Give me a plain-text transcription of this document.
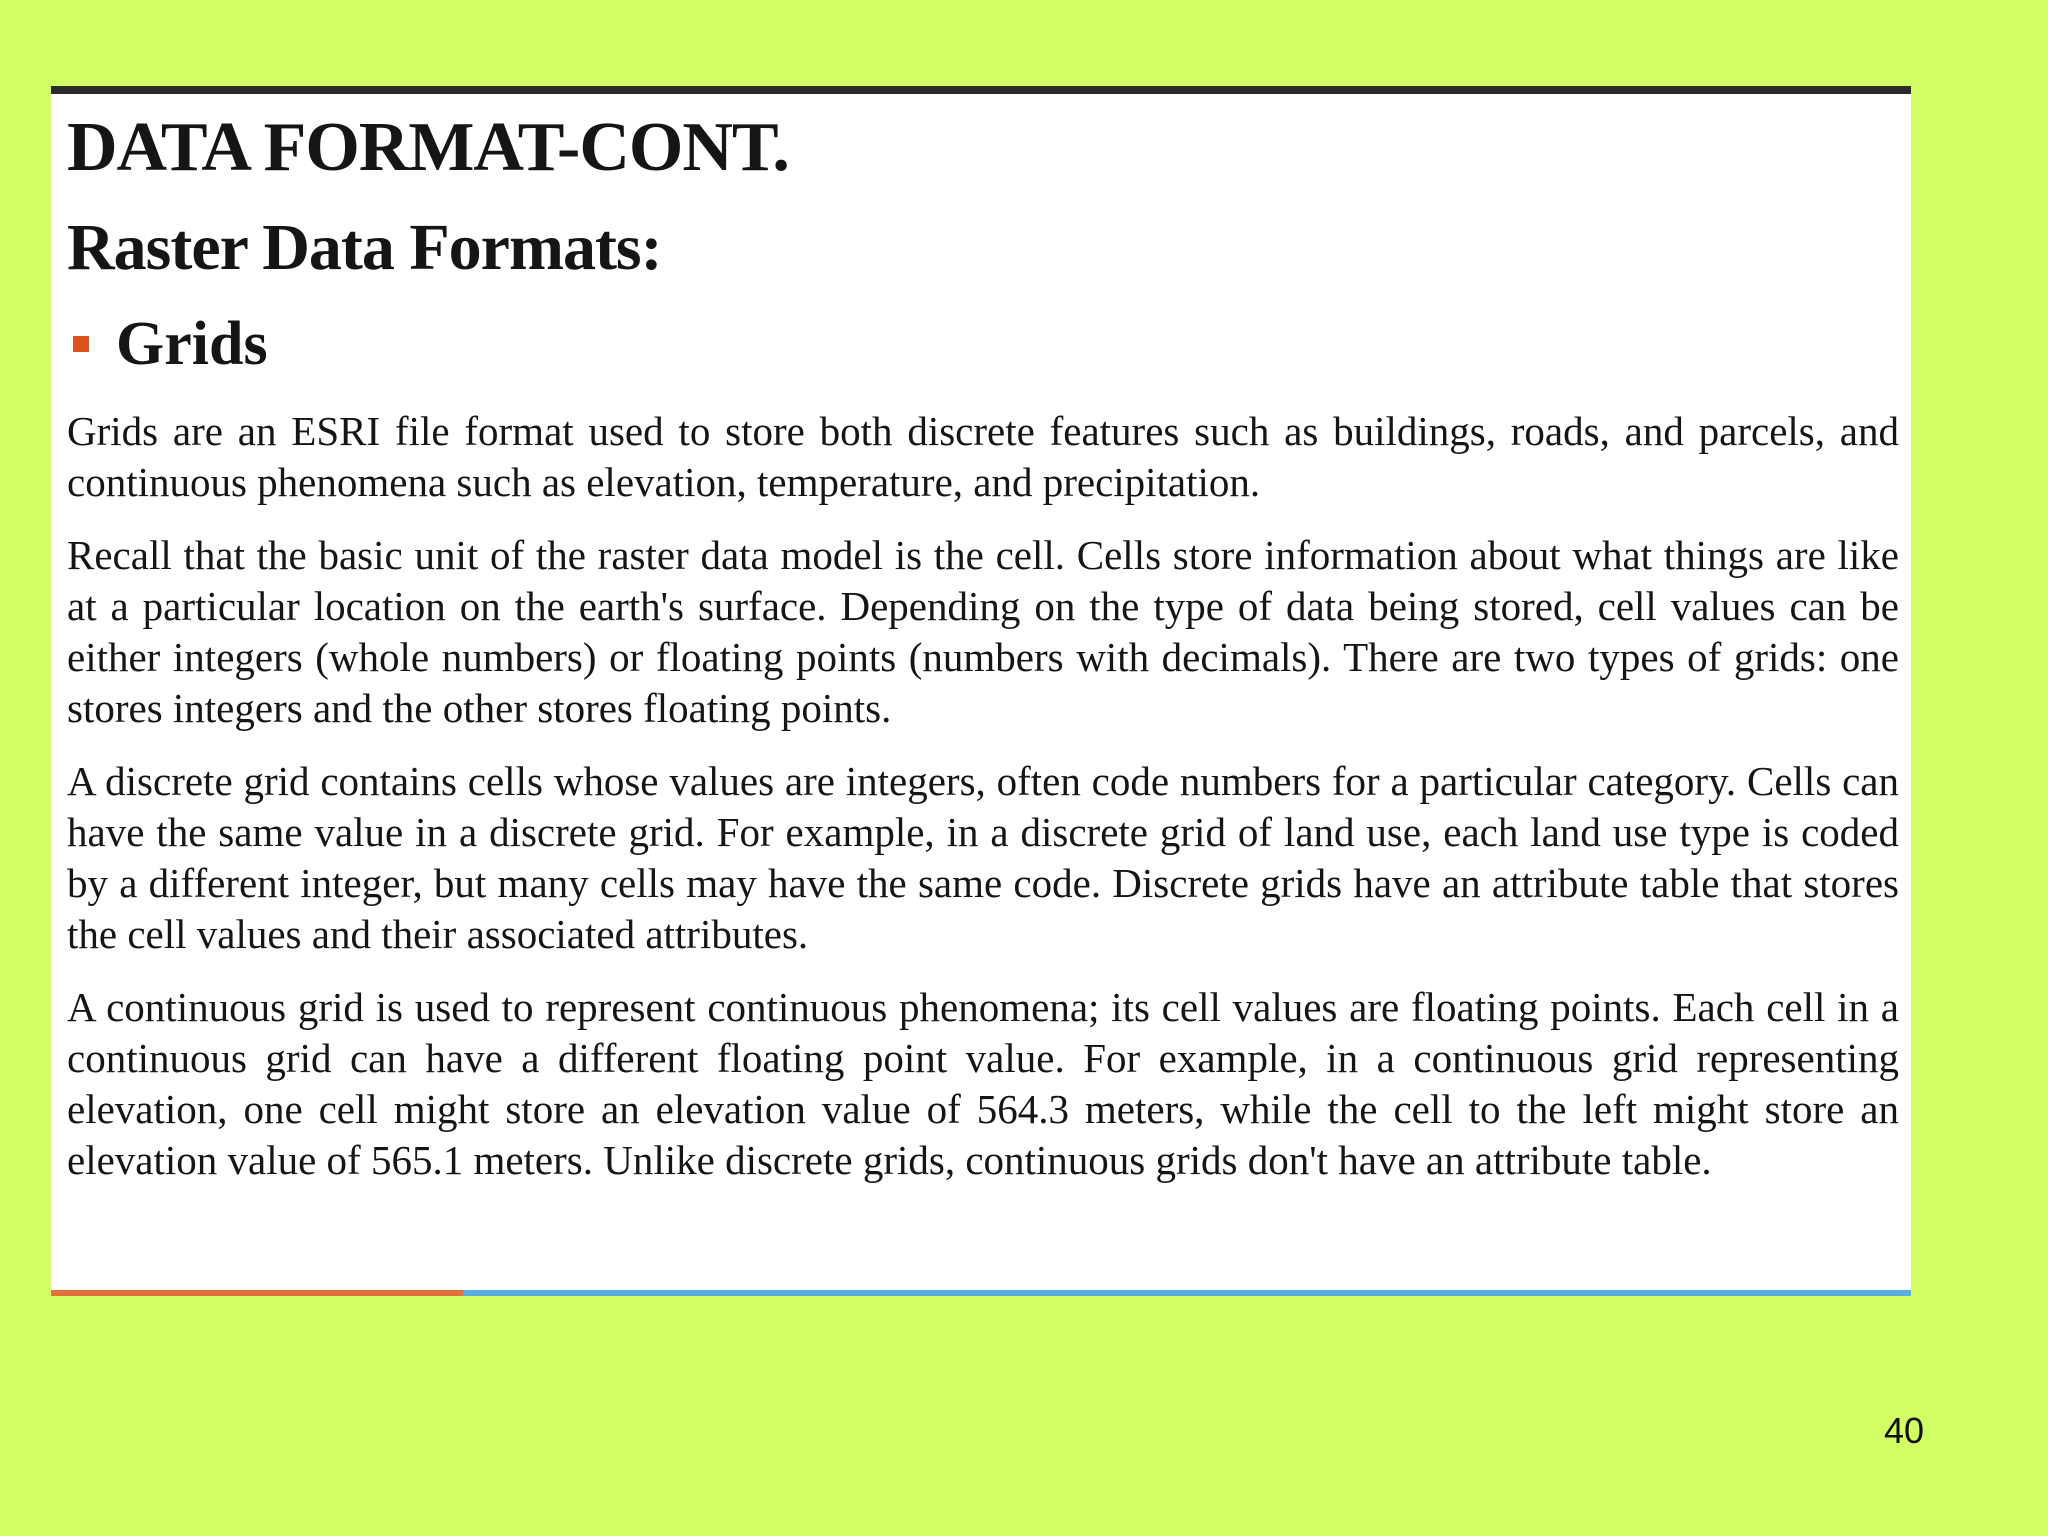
DATA FORMAT-CONT.
Raster Data Formats:
Grids

Grids are an ESRI file format used to store both discrete features such as buildings, roads, and parcels, and continuous phenomena such as elevation, temperature, and precipitation.

Recall that the basic unit of the raster data model is the cell. Cells store information about what things are like at a particular location on the earth's surface. Depending on the type of data being stored, cell values can be either integers (whole numbers) or floating points (numbers with decimals). There are two types of grids: one stores integers and the other stores floating points.

A discrete grid contains cells whose values are integers, often code numbers for a particular category. Cells can have the same value in a discrete grid. For example, in a discrete grid of land use, each land use type is coded by a different integer, but many cells may have the same code. Discrete grids have an attribute table that stores the cell values and their associated attributes.

A continuous grid is used to represent continuous phenomena; its cell values are floating points. Each cell in a continuous grid can have a different floating point value. For example, in a continuous grid representing elevation, one cell might store an elevation value of 564.3 meters, while the cell to the left might store an elevation value of 565.1 meters. Unlike discrete grids, continuous grids don't have an attribute table.

40
